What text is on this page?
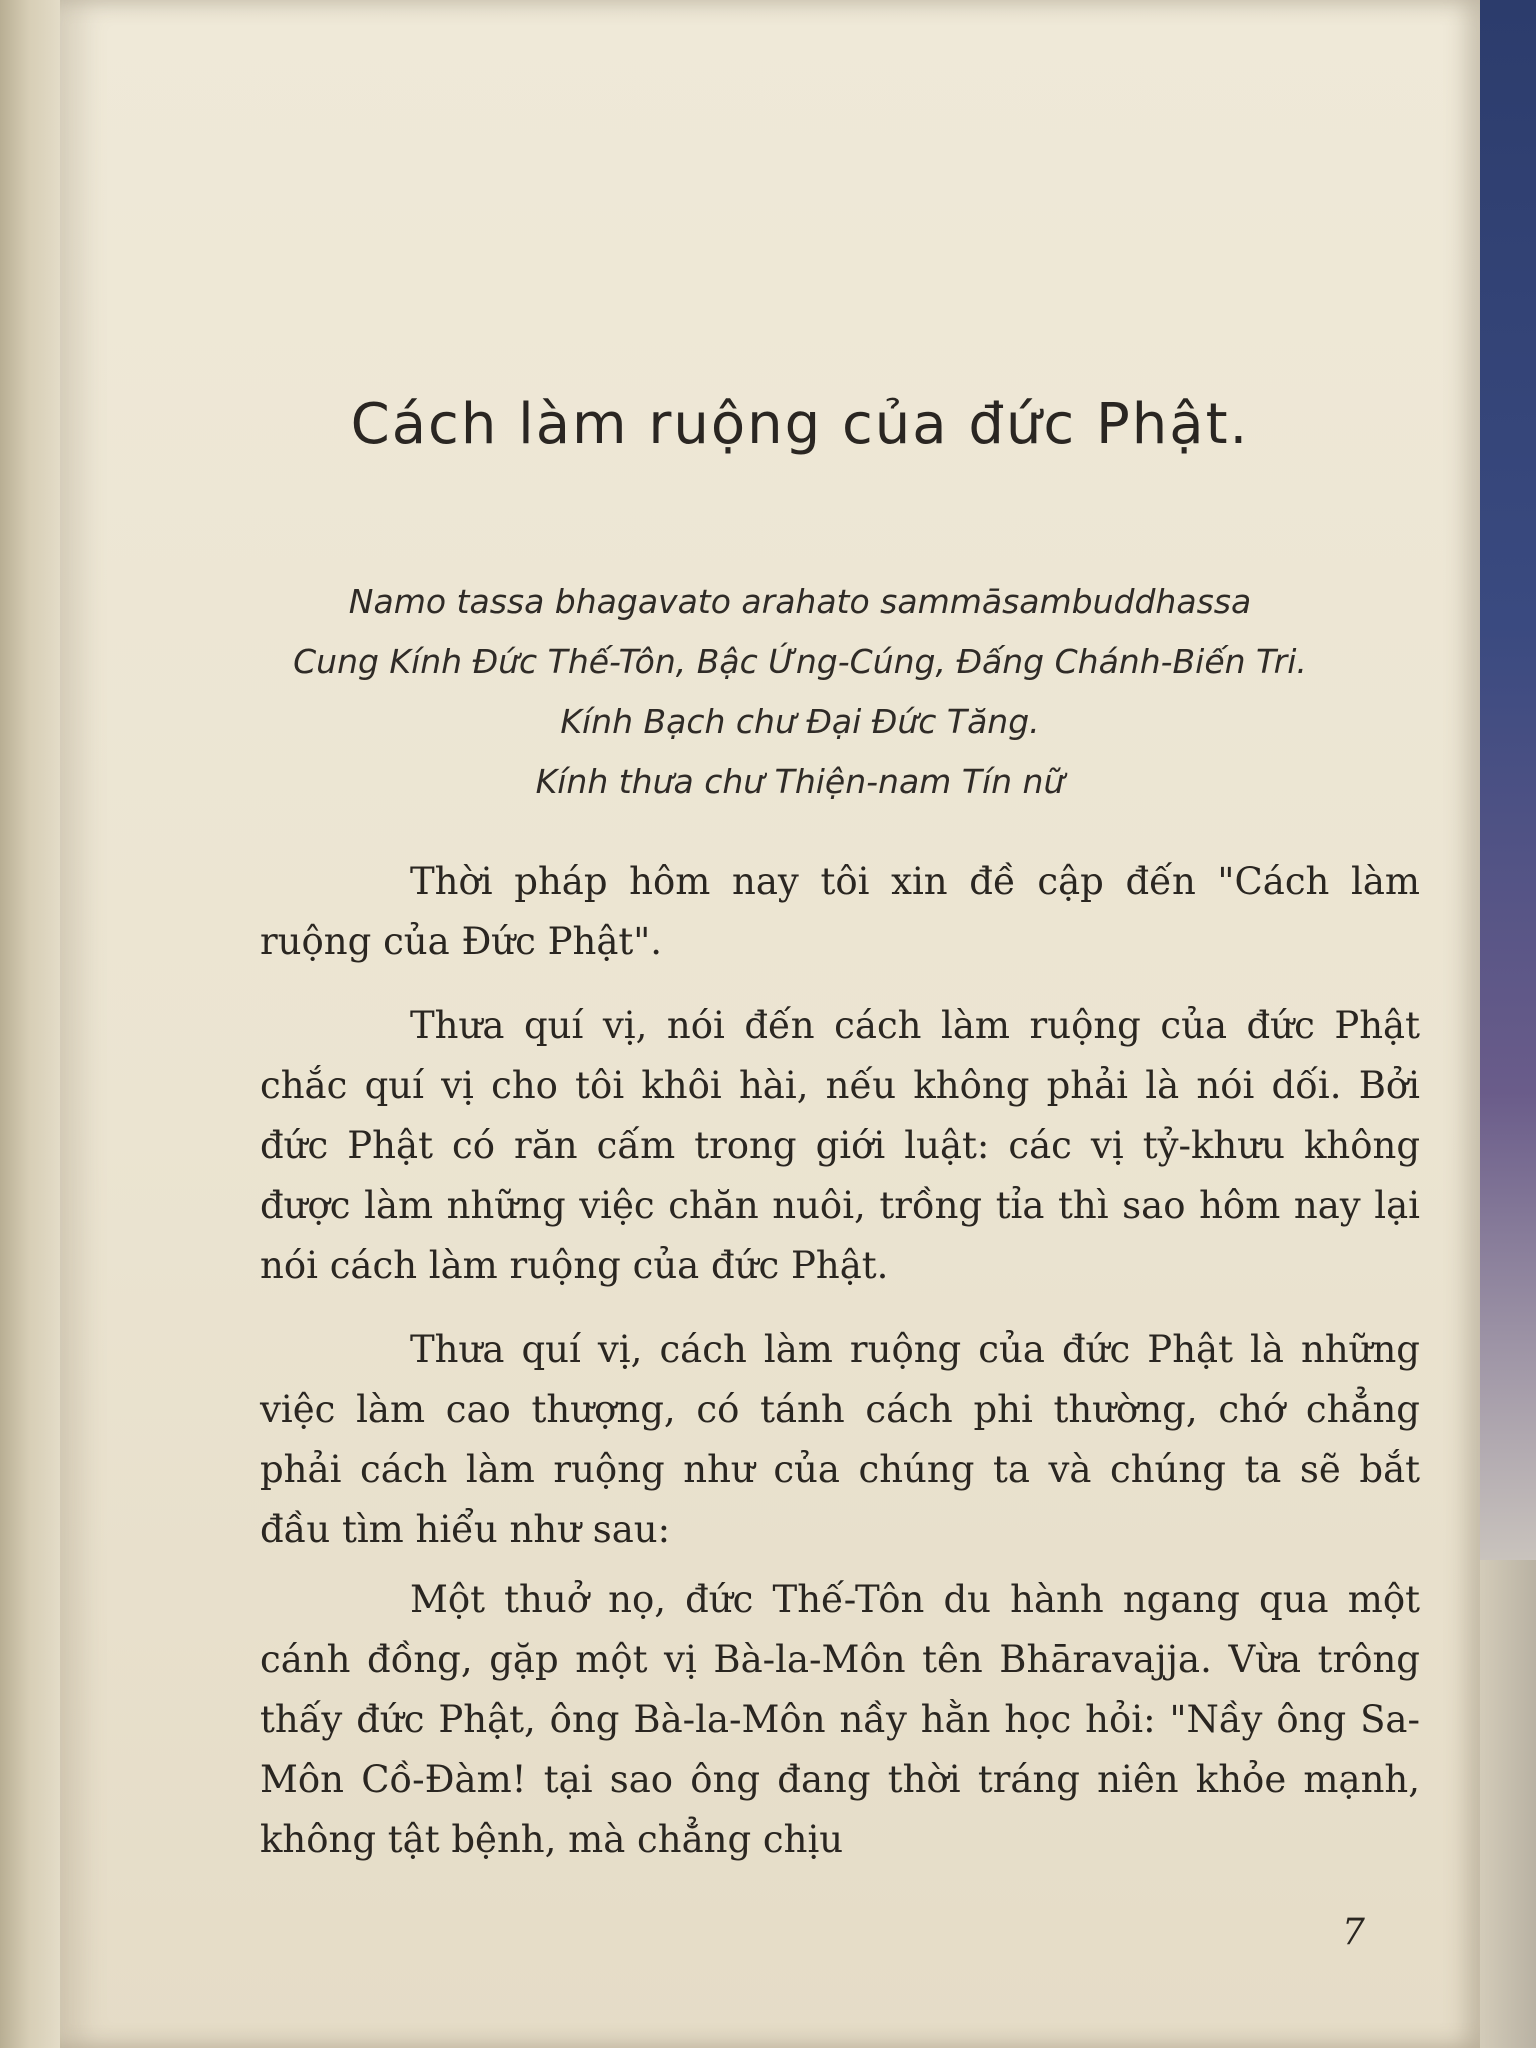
Cách làm ruộng của đức Phật.
Namo tassa bhagavato arahato sammāsambuddhassa
Cung Kính Đức Thế-Tôn, Bậc Ứng-Cúng, Đấng Chánh-Biến Tri.
Kính Bạch chư Đại Đức Tăng.
Kính thưa chư Thiện-nam Tín nữ

Thời pháp hôm nay tôi xin đề cập đến "Cách làm ruộng của Đức Phật".

Thưa quí vị, nói đến cách làm ruộng của đức Phật chắc quí vị cho tôi khôi hài, nếu không phải là nói dối. Bởi đức Phật có răn cấm trong giới luật: các vị tỷ-khưu không được làm những việc chăn nuôi, trồng tỉa thì sao hôm nay lại nói cách làm ruộng của đức Phật.

Thưa quí vị, cách làm ruộng của đức Phật là những việc làm cao thượng, có tánh cách phi thường, chớ chẳng phải cách làm ruộng như của chúng ta và chúng ta sẽ bắt đầu tìm hiểu như sau:

Một thuở nọ, đức Thế-Tôn du hành ngang qua một cánh đồng, gặp một vị Bà-la-Môn tên Bhāravajja. Vừa trông thấy đức Phật, ông Bà-la-Môn nầy hằn học hỏi: "Nầy ông Sa-Môn Cồ-Đàm! tại sao ông đang thời tráng niên khỏe mạnh, không tật bệnh, mà chẳng chịu

7
